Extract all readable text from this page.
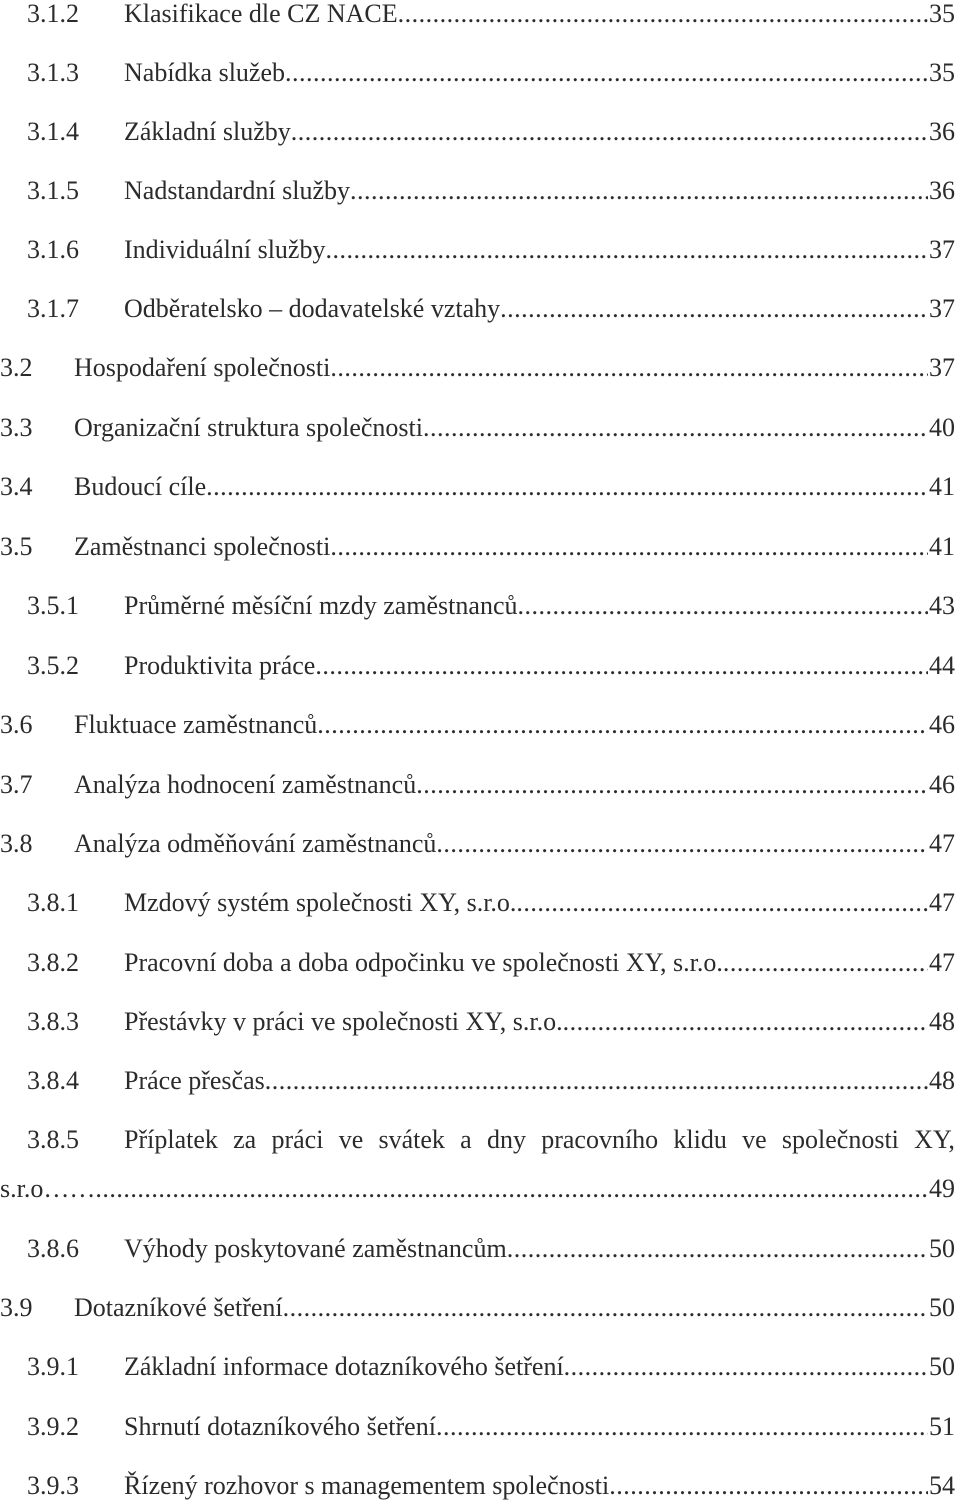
3.1.2 Klasifikace dle CZ NACE .....	35
3.1.3 Nabídka služeb .....	35
3.1.4 Základní služby .....	36
3.1.5 Nadstandardní služby .....	36
3.1.6 Individuální služby .....	37
3.1.7 Odběratelsko – dodavatelské vztahy .....	37
3.2 Hospodaření společnosti .....	37
3.3 Organizační struktura společnosti .....	40
3.4 Budoucí cíle .....	41
3.5 Zaměstnanci společnosti .....	41
3.5.1 Průměrné měsíční mzdy zaměstnanců .....	43
3.5.2 Produktivita práce .....	44
3.6 Fluktuace zaměstnanců .....	46
3.7 Analýza hodnocení zaměstnanců .....	46
3.8 Analýza odměňování zaměstnanců .....	47
3.8.1 Mzdový systém společnosti XY, s.r.o. .....	47
3.8.2 Pracovní doba a doba odpočinku ve společnosti XY, s.r.o. .....	47
3.8.3 Přestávky v práci ve společnosti XY, s.r.o. .....	48
3.8.4 Práce přesčas .....	48
3.8.5 Příplatek za práci ve svátek a dny pracovního klidu ve společnosti XY,
s.r.o …… .....	49
3.8.6 Výhody poskytované zaměstnancům .....	50
3.9 Dotazníkové šetření .....	50
3.9.1 Základní informace dotazníkového šetření .....	50
3.9.2 Shrnutí dotazníkového šetření .....	51
3.9.3 Řízený rozhovor s managementem společnosti .....	54
